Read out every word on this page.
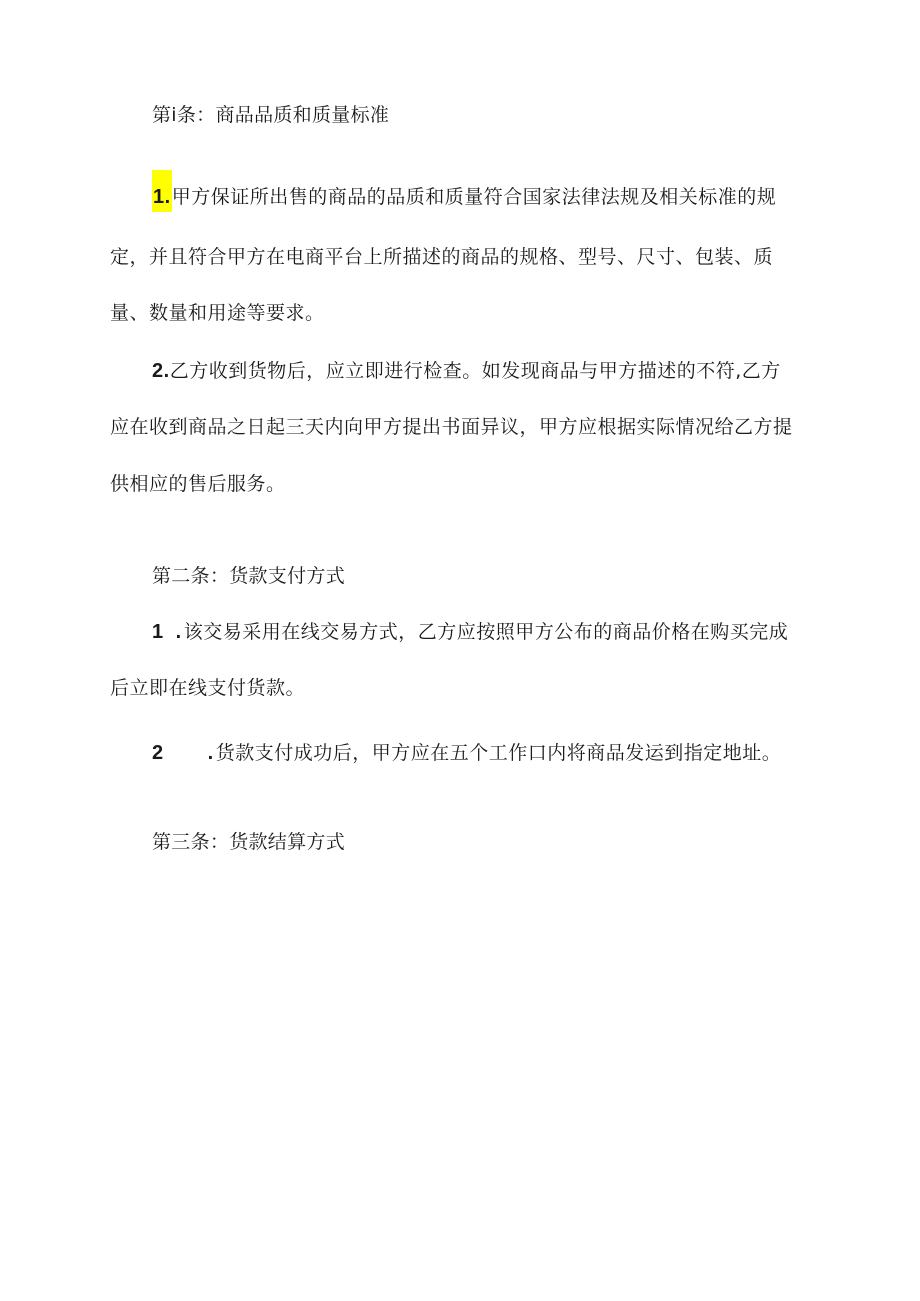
第i条：商品品质和质量标准
1.甲方保证所出售的商品的品质和质量符合国家法律法规及相关标准的规
定，并且符合甲方在电商平台上所描述的商品的规格、型号、尺寸、包装、质
量、数量和用途等要求。
2.乙方收到货物后，应立即进行检查。如发现商品与甲方描述的不符,乙方
应在收到商品之日起三天内向甲方提出书面异议，甲方应根据实际情况给乙方提
供相应的售后服务。
第二条：货款支付方式
1 . 该交易采用在线交易方式，乙方应按照甲方公布的商品价格在购买完成
后立即在线支付货款。
2 . 货款支付成功后，甲方应在五个工作口内将商品发运到指定地址。
第三条：货款结算方式
